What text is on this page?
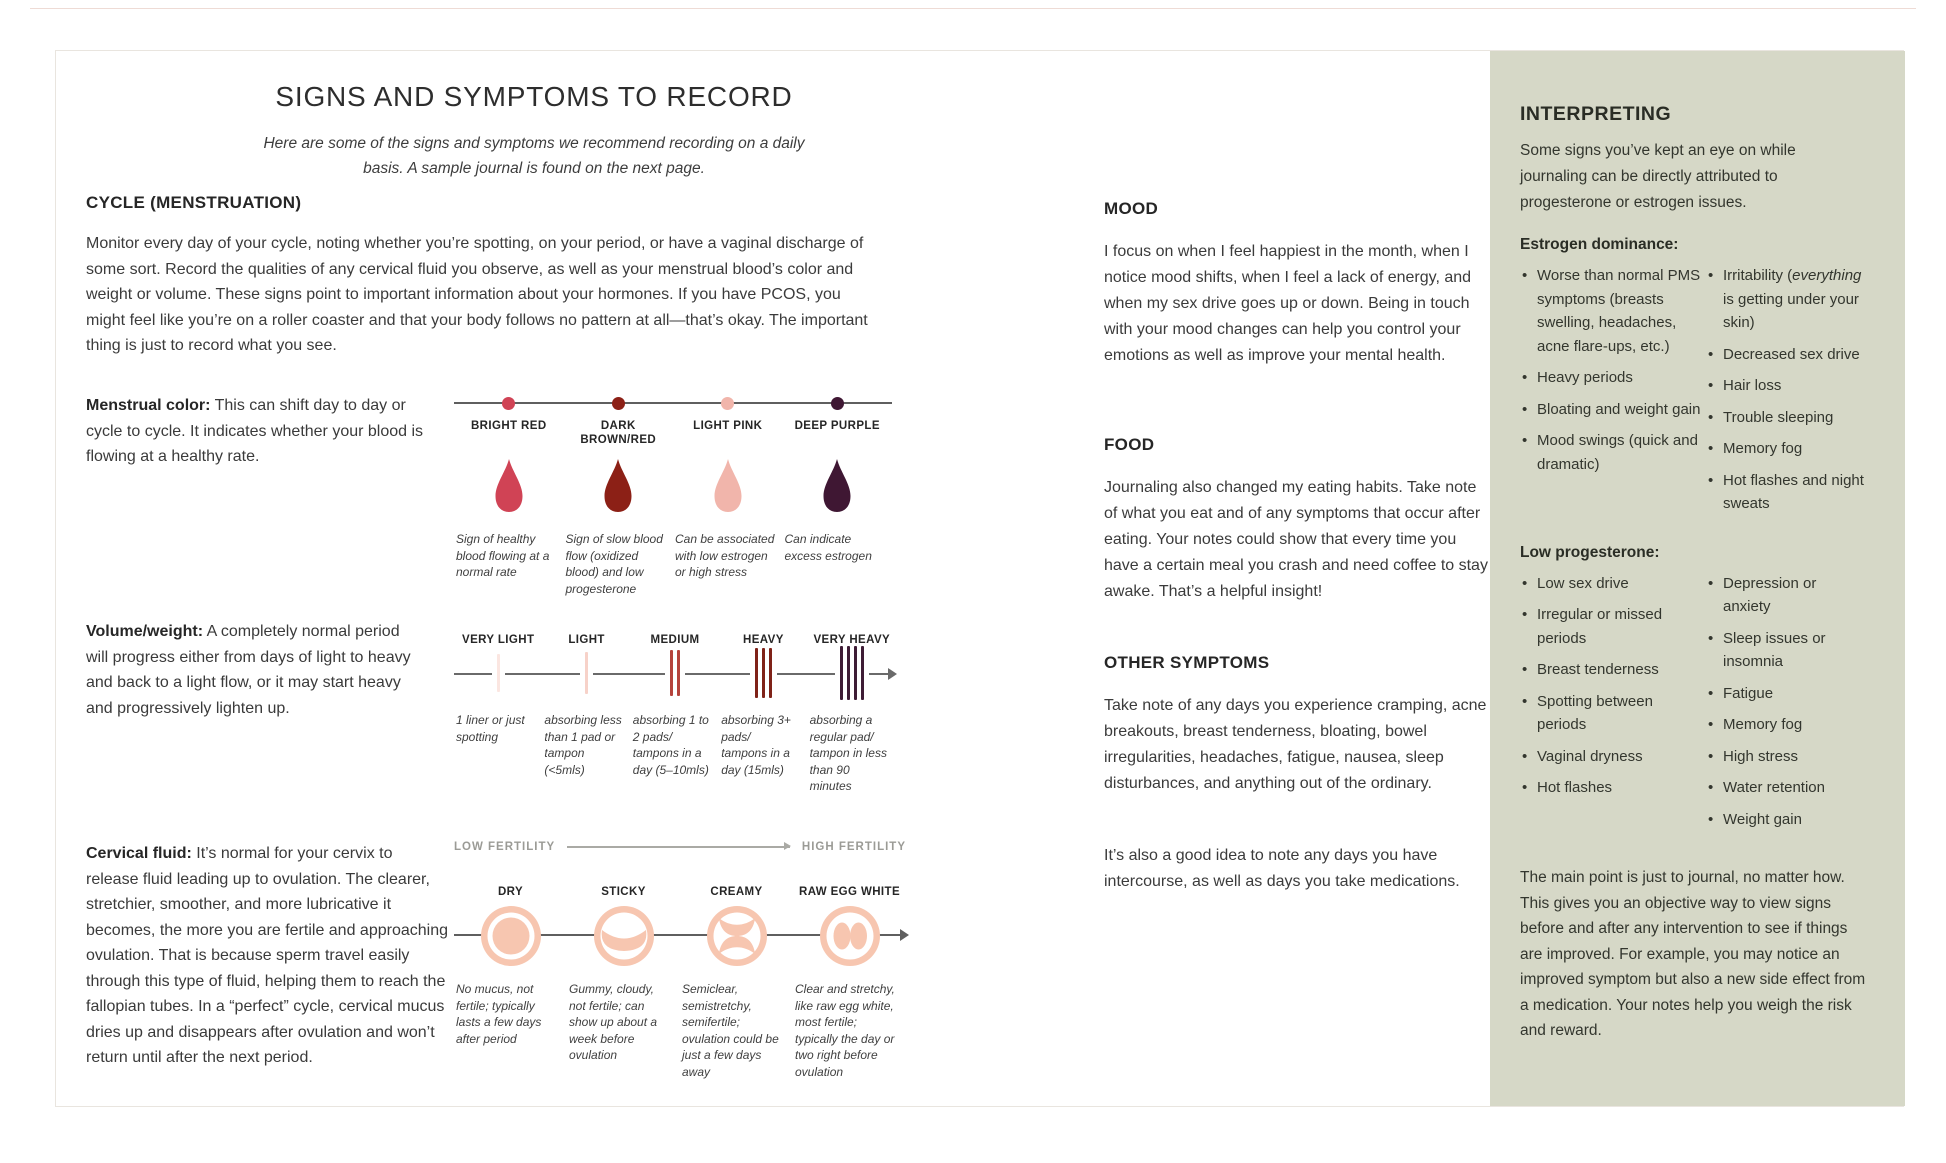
SIGNS AND SYMPTOMS TO RECORD

Here are some of the signs and symptoms we recommend recording on a daily basis. A sample journal is found on the next page.

CYCLE (MENSTRUATION)

Monitor every day of your cycle, noting whether you’re spotting, on your period, or have a vaginal discharge of some sort. Record the qualities of any cervical fluid you observe, as well as your menstrual blood’s color and weight or volume. These signs point to important information about your hormones. If you have PCOS, you might feel like you’re on a roller coaster and that your body follows no pattern at all—that’s okay. The important thing is just to record what you see.

Menstrual color: This can shift day to day or cycle to cycle. It indicates whether your blood is flowing at a healthy rate.
BRIGHT RED
Sign of healthy blood flowing at a normal rate
DARK BROWN/RED
Sign of slow blood flow (oxidized blood) and low progesterone
LIGHT PINK
Can be associated with low estrogen or high stress
DEEP PURPLE
Can indicate excess estrogen
Volume/weight: A completely normal period will progress either from days of light to heavy and back to a light flow, or it may start heavy and progressively lighten up.
VERY LIGHT
1 liner or just spotting
LIGHT
absorbing less than 1 pad or tampon (<5mls)
MEDIUM
absorbing 1 to 2 pads/ tampons in a day (5–10mls)
HEAVY
absorbing 3+ pads/ tampons in a day (15mls)
VERY HEAVY
absorbing a regular pad/ tampon in less than 90 minutes
Cervical fluid: It’s normal for your cervix to release fluid leading up to ovulation. The clearer, stretchier, smoother, and more lubricative it becomes, the more you are fertile and approaching ovulation. That is because sperm travel easily through this type of fluid, helping them to reach the fallopian tubes. In a “perfect” cycle, cervical mucus dries up and disappears after ovulation and won’t return until after the next period.
LOW FERTILITY	HIGH FERTILITY
DRY
No mucus, not fertile; typically lasts a few days after period
STICKY
Gummy, cloudy, not fertile; can show up about a week before ovulation
CREAMY
Semiclear, semistretchy, semifertile; ovulation could be just a few days away
RAW EGG WHITE
Clear and stretchy, like raw egg white, most fertile; typically the day or two right before ovulation
MOOD

I focus on when I feel happiest in the month, when I notice mood shifts, when I feel a lack of energy, and when my sex drive goes up or down. Being in touch with your mood changes can help you control your emotions as well as improve your mental health.

FOOD

Journaling also changed my eating habits. Take note of what you eat and of any symptoms that occur after eating. Your notes could show that every time you have a certain meal you crash and need coffee to stay awake. That’s a helpful insight!

OTHER SYMPTOMS

Take note of any days you experience cramping, acne breakouts, breast tenderness, bloating, bowel irregularities, headaches, fatigue, nausea, sleep disturbances, and anything out of the ordinary.

It’s also a good idea to note any days you have intercourse, as well as days you take medications.

INTERPRETING

Some signs you’ve kept an eye on while journaling can be directly attributed to progesterone or estrogen issues.

Estrogen dominance:

• Worse than normal PMS symptoms (breasts swelling, headaches, acne flare-ups, etc.)
• Heavy periods
• Bloating and weight gain
• Mood swings (quick and dramatic)
• Irritability (everything is getting under your skin)
• Decreased sex drive
• Hair loss
• Trouble sleeping
• Memory fog
• Hot flashes and night sweats

Low progesterone:

• Low sex drive
• Irregular or missed periods
• Breast tenderness
• Spotting between periods
• Vaginal dryness
• Hot flashes
• Depression or anxiety
• Sleep issues or insomnia
• Fatigue
• Memory fog
• High stress
• Water retention
• Weight gain

The main point is just to journal, no matter how. This gives you an objective way to view signs before and after any intervention to see if things are improved. For example, you may notice an improved symptom but also a new side effect from a medication. Your notes help you weigh the risk and reward.
